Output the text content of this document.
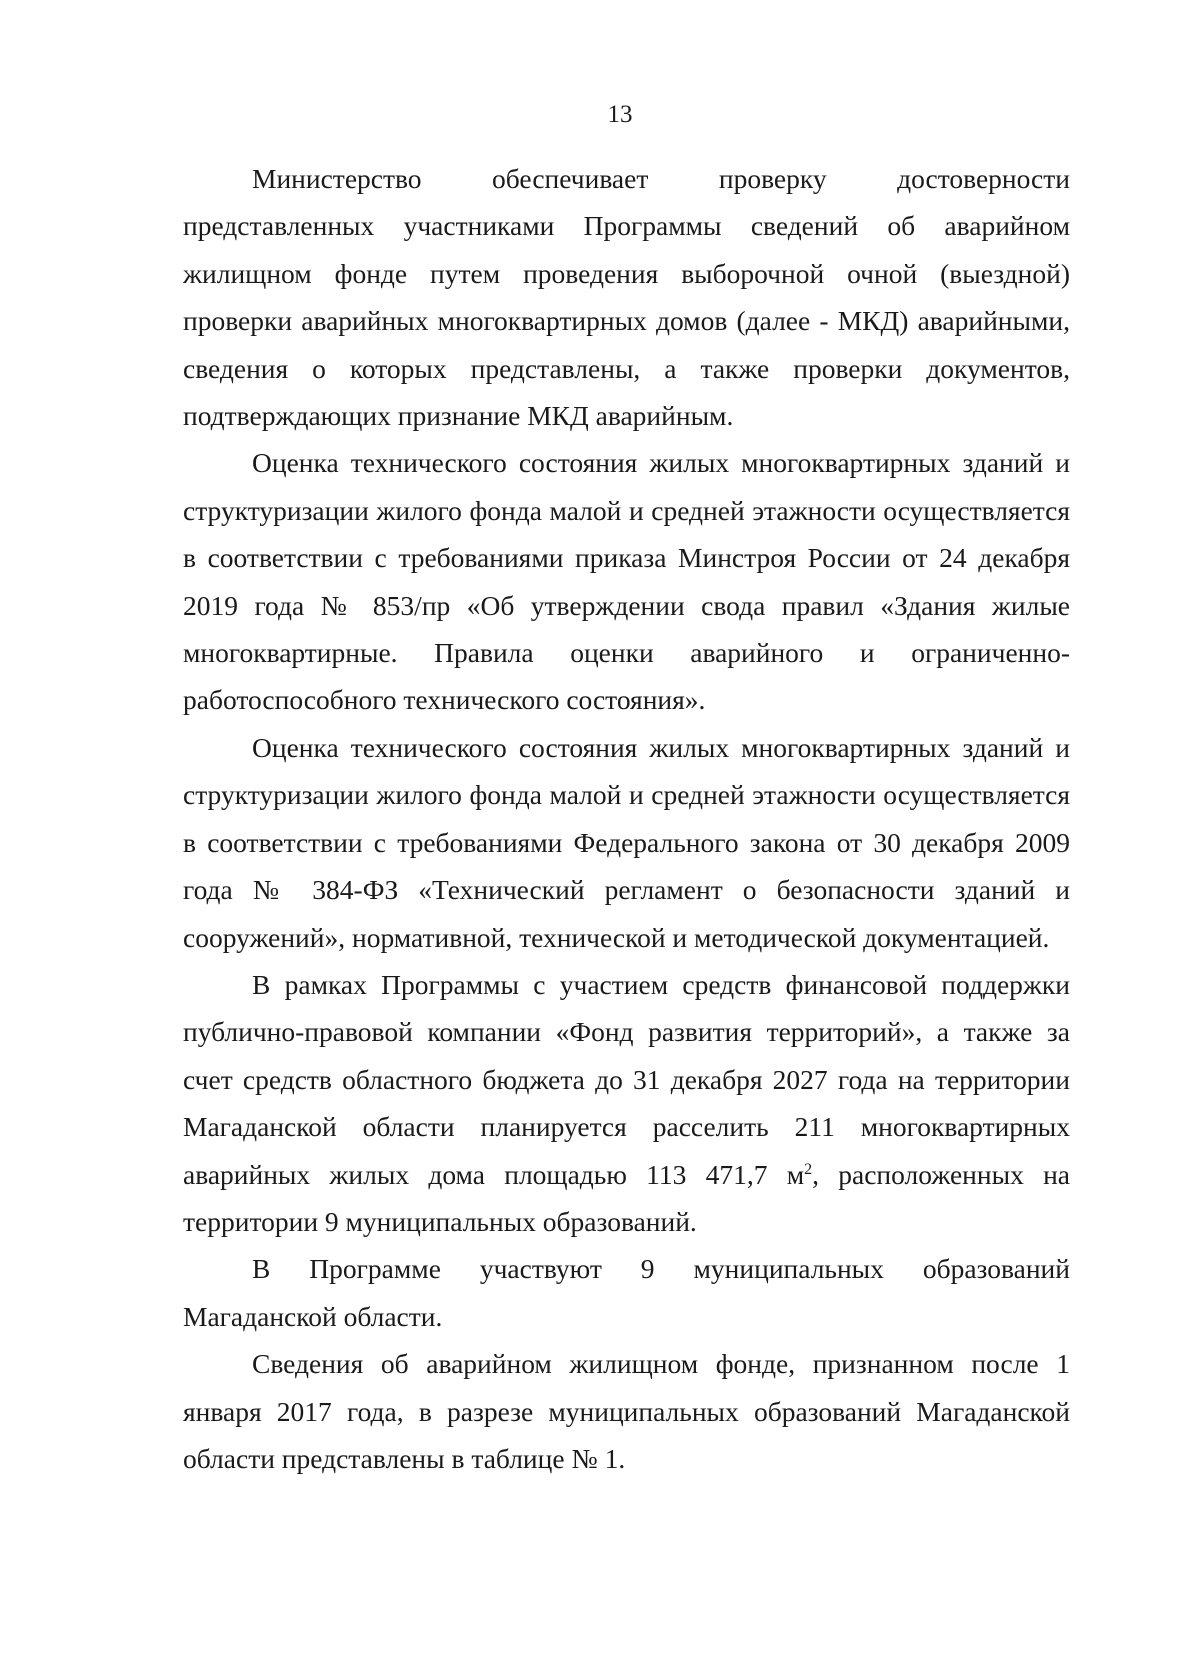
13

Министерство обеспечивает проверку достоверности представленных участниками Программы сведений об аварийном жилищном фонде путем проведения выборочной очной (выездной) проверки аварийных многоквартирных домов (далее - МКД) аварийными, сведения о которых представлены, а также проверки документов, подтверждающих признание МКД аварийным.

Оценка технического состояния жилых многоквартирных зданий и структуризации жилого фонда малой и средней этажности осуществляется в соответствии с требованиями приказа Минстроя России от 24 декабря 2019 года № 853/пр «Об утверждении свода правил «Здания жилые многоквартирные. Правила оценки аварийного и ограниченно-работоспособного технического состояния».

Оценка технического состояния жилых многоквартирных зданий и структуризации жилого фонда малой и средней этажности осуществляется в соответствии с требованиями Федерального закона от 30 декабря 2009 года № 384-ФЗ «Технический регламент о безопасности зданий и сооружений», нормативной, технической и методической документацией.

В рамках Программы с участием средств финансовой поддержки публично-правовой компании «Фонд развития территорий», а также за счет средств областного бюджета до 31 декабря 2027 года на территории Магаданской области планируется расселить 211 многоквартирных аварийных жилых дома площадью 113 471,7 $м^2$, расположенных на территории 9 муниципальных образований.

В Программе участвуют 9 муниципальных образований Магаданской области.

Сведения об аварийном жилищном фонде, признанном после 1 января 2017 года, в разрезе муниципальных образований Магаданской области представлены в таблице № 1.
